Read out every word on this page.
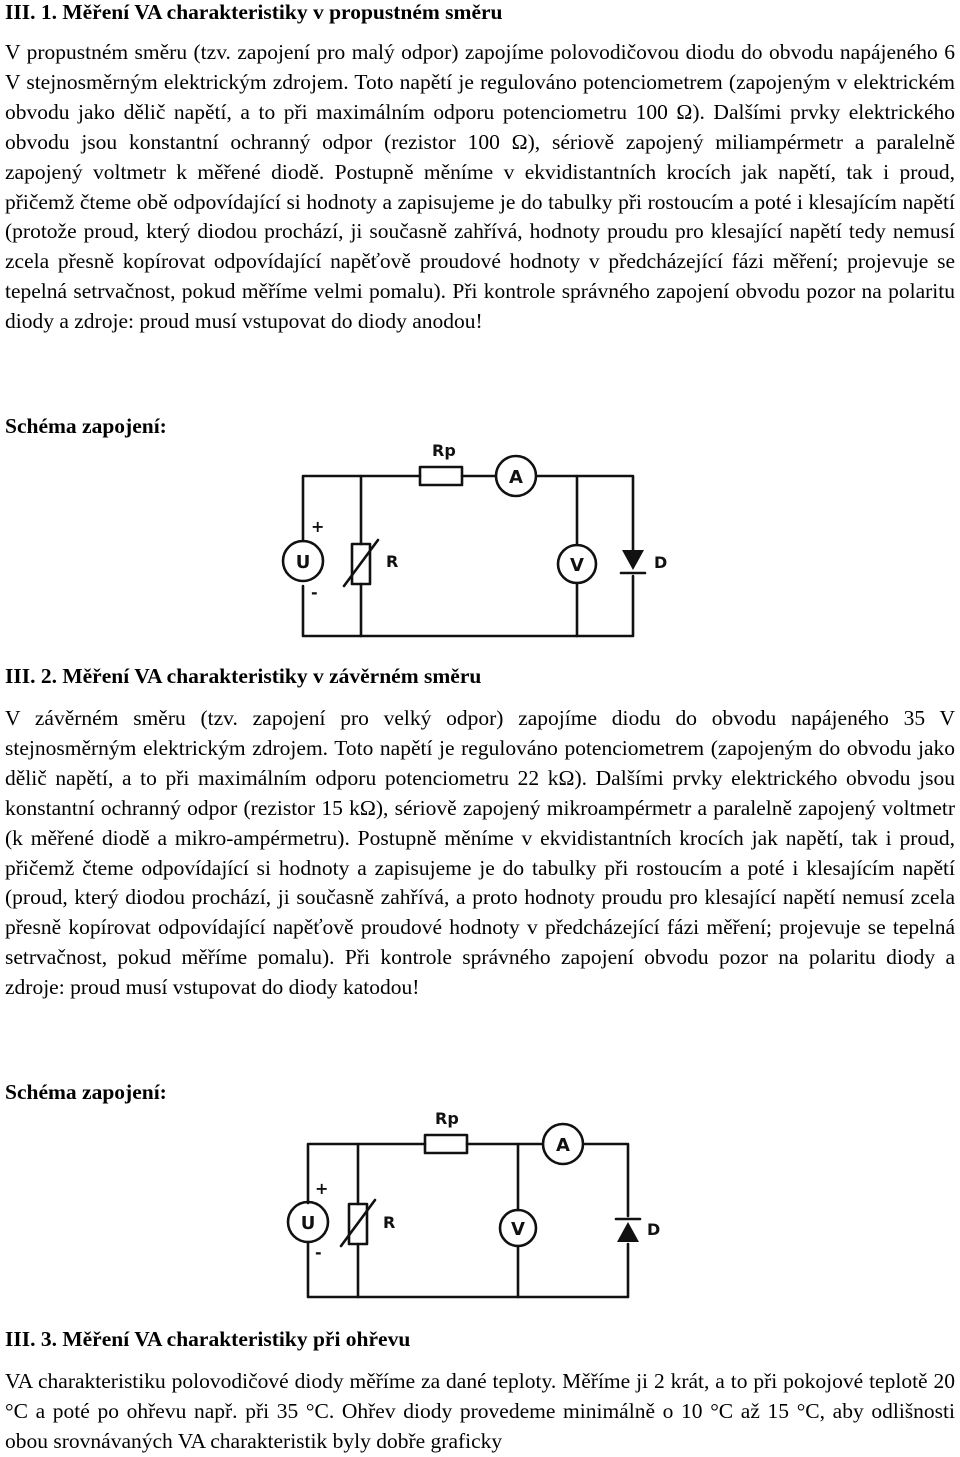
III. 1. Měření VA charakteristiky v propustném směru

V propustném směru (tzv. zapojení pro malý odpor) zapojíme polovodičovou diodu do obvodu napájeného 6 V stejnosměrným elektrickým zdrojem. Toto napětí je regulováno potenciometrem (zapojeným v elektrickém obvodu jako dělič napětí, a to při maximálním odporu potenciometru 100 Ω). Dalšími prvky elektrického obvodu jsou konstantní ochranný odpor (rezistor 100 Ω), sériově zapojený miliampérmetr a paralelně zapojený voltmetr k měřené diodě. Postupně měníme v ekvidistantních krocích jak napětí, tak i proud, přičemž čteme obě odpovídající si hodnoty a zapisujeme je do tabulky při rostoucím a poté i klesajícím napětí (protože proud, který diodou prochází, ji současně zahřívá, hodnoty proudu pro klesající napětí tedy nemusí zcela přesně kopírovat odpovídající napěťově proudové hodnoty v předcházející fázi měření; projevuje se tepelná setrvačnost, pokud měříme velmi pomalu). Při kontrole správného zapojení obvodu pozor na polaritu diody a zdroje: proud musí vstupovat do diody anodou!

Schéma zapojení:
Rp
A
U
+
-
R	V	D
III. 2. Měření VA charakteristiky v závěrném směru

V závěrném směru (tzv. zapojení pro velký odpor) zapojíme diodu do obvodu napájeného 35 V stejnosměrným elektrickým zdrojem. Toto napětí je regulováno potenciometrem (zapojeným do obvodu jako dělič napětí, a to při maximálním odporu potenciometru 22 kΩ). Dalšími prvky elektrického obvodu jsou konstantní ochranný odpor (rezistor 15 kΩ), sériově zapojený mikroampérmetr a paralelně zapojený voltmetr (k měřené diodě a mikro-ampérmetru). Postupně měníme v ekvidistantních krocích jak napětí, tak i proud, přičemž čteme odpovídající si hodnoty a zapisujeme je do tabulky při rostoucím a poté i klesajícím napětí (proud, který diodou prochází, ji současně zahřívá, a proto hodnoty proudu pro klesající napětí nemusí zcela přesně kopírovat odpovídající napěťově proudové hodnoty v předcházející fázi měření; projevuje se tepelná setrvačnost, pokud měříme pomalu). Při kontrole správného zapojení obvodu pozor na polaritu diody a zdroje: proud musí vstupovat do diody katodou!

Schéma zapojení:
Rp
A
U
+
-
R	V	D
III. 3. Měření VA charakteristiky při ohřevu

VA charakteristiku polovodičové diody měříme za dané teploty. Měříme ji 2 krát, a to při pokojové teplotě 20 °C a poté po ohřevu např. při 35 °C. Ohřev diody provedeme minimálně o 10 °C až 15 °C, aby odlišnosti obou srovnávaných VA charakteristik byly dobře graficky
